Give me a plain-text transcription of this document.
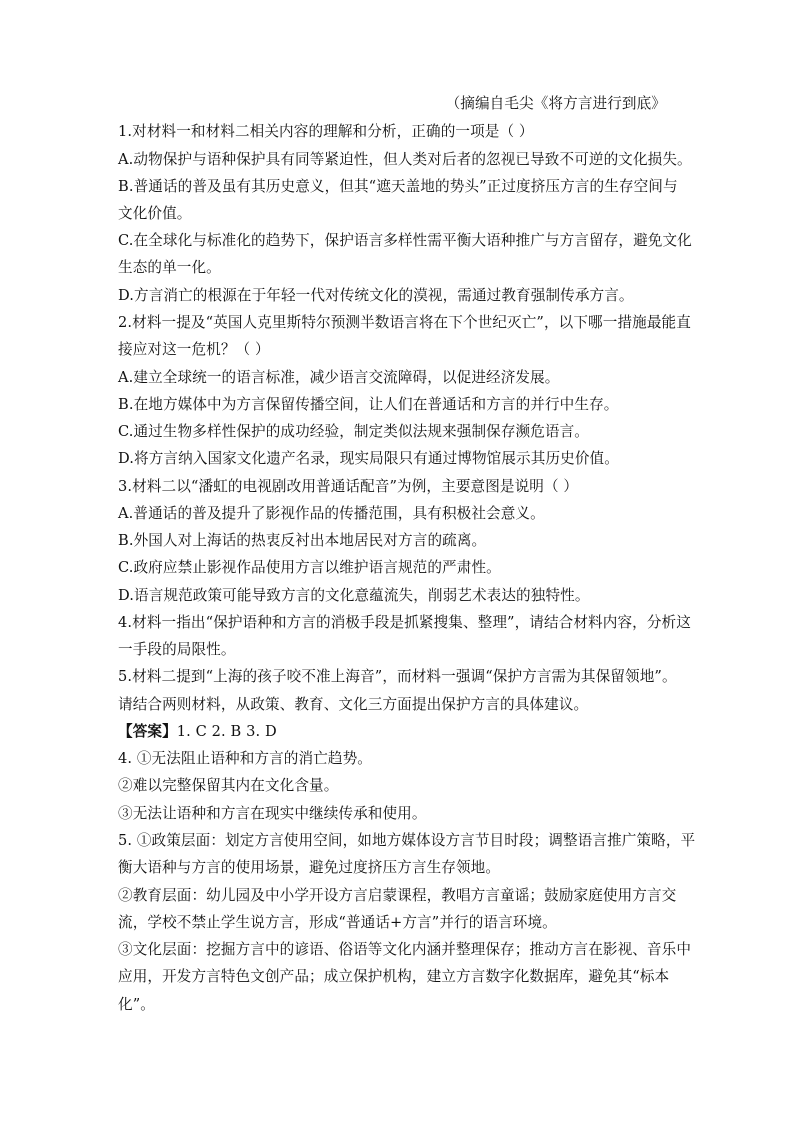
（摘编自毛尖《将方言进行到底》
1.对材料一和材料二相关内容的理解和分析，正确的一项是（ ）
A.动物保护与语种保护具有同等紧迫性，但人类对后者的忽视已导致不可逆的文化损失。
B.普通话的普及虽有其历史意义，但其“遮天盖地的势头”正过度挤压方言的生存空间与
文化价值。
C.在全球化与标准化的趋势下，保护语言多样性需平衡大语种推广与方言留存，避免文化
生态的单一化。
D.方言消亡的根源在于年轻一代对传统文化的漠视，需通过教育强制传承方言。
2.材料一提及“英国人克里斯特尔预测半数语言将在下个世纪灭亡”，以下哪一措施最能直
接应对这一危机？（ ）
A.建立全球统一的语言标准，减少语言交流障碍，以促进经济发展。
B.在地方媒体中为方言保留传播空间，让人们在普通话和方言的并行中生存。
C.通过生物多样性保护的成功经验，制定类似法规来强制保存濒危语言。
D.将方言纳入国家文化遗产名录，现实局限只有通过博物馆展示其历史价值。
3.材料二以“潘虹的电视剧改用普通话配音”为例，主要意图是说明（ ）
A.普通话的普及提升了影视作品的传播范围，具有积极社会意义。
B.外国人对上海话的热衷反衬出本地居民对方言的疏离。
C.政府应禁止影视作品使用方言以维护语言规范的严肃性。
D.语言规范政策可能导致方言的文化意蕴流失，削弱艺术表达的独特性。
4.材料一指出“保护语种和方言的消极手段是抓紧搜集、整理”，请结合材料内容，分析这
一手段的局限性。
5.材料二提到“上海的孩子咬不准上海音”，而材料一强调“保护方言需为其保留领地”。
请结合两则材料，从政策、教育、文化三方面提出保护方言的具体建议。
【答案】1. C 2. B 3. D
4. ①无法阻止语种和方言的消亡趋势。
②难以完整保留其内在文化含量。
③无法让语种和方言在现实中继续传承和使用。
5. ①政策层面：划定方言使用空间，如地方媒体设方言节目时段；调整语言推广策略，平
衡大语种与方言的使用场景，避免过度挤压方言生存领地。
②教育层面：幼儿园及中小学开设方言启蒙课程，教唱方言童谣；鼓励家庭使用方言交
流，学校不禁止学生说方言，形成“普通话+方言”并行的语言环境。
③文化层面：挖掘方言中的谚语、俗语等文化内涵并整理保存；推动方言在影视、音乐中
应用，开发方言特色文创产品；成立保护机构，建立方言数字化数据库，避免其“标本
化”。
